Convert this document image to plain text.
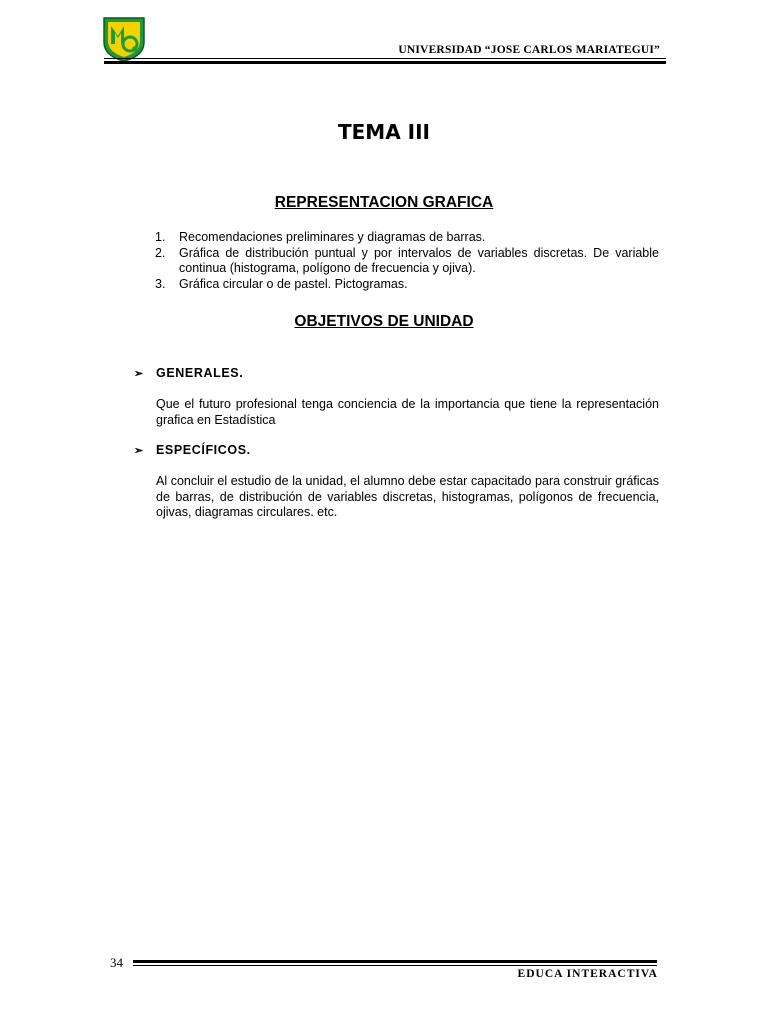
UNIVERSIDAD “JOSE CARLOS MARIATEGUI”
TEMA III
REPRESENTACION GRAFICA
1.	Recomendaciones preliminares y diagramas de barras.
2.	Gráfica de distribución puntual y por intervalos de variables discretas. De variable continua (histograma, polígono de frecuencia y ojiva).
3.	Gráfica circular o de pastel. Pictogramas.
OBJETIVOS DE UNIDAD
➢ GENERALES.

Que el futuro profesional tenga conciencia de la importancia que tiene la representación grafica en Estadística

➢ ESPECÍFICOS.

Al concluir el estudio de la unidad, el alumno debe estar capacitado para construir gráficas de barras, de distribución de variables discretas, histogramas, polígonos de frecuencia, ojivas, diagramas circulares. etc.

34
EDUCA INTERACTIVA
